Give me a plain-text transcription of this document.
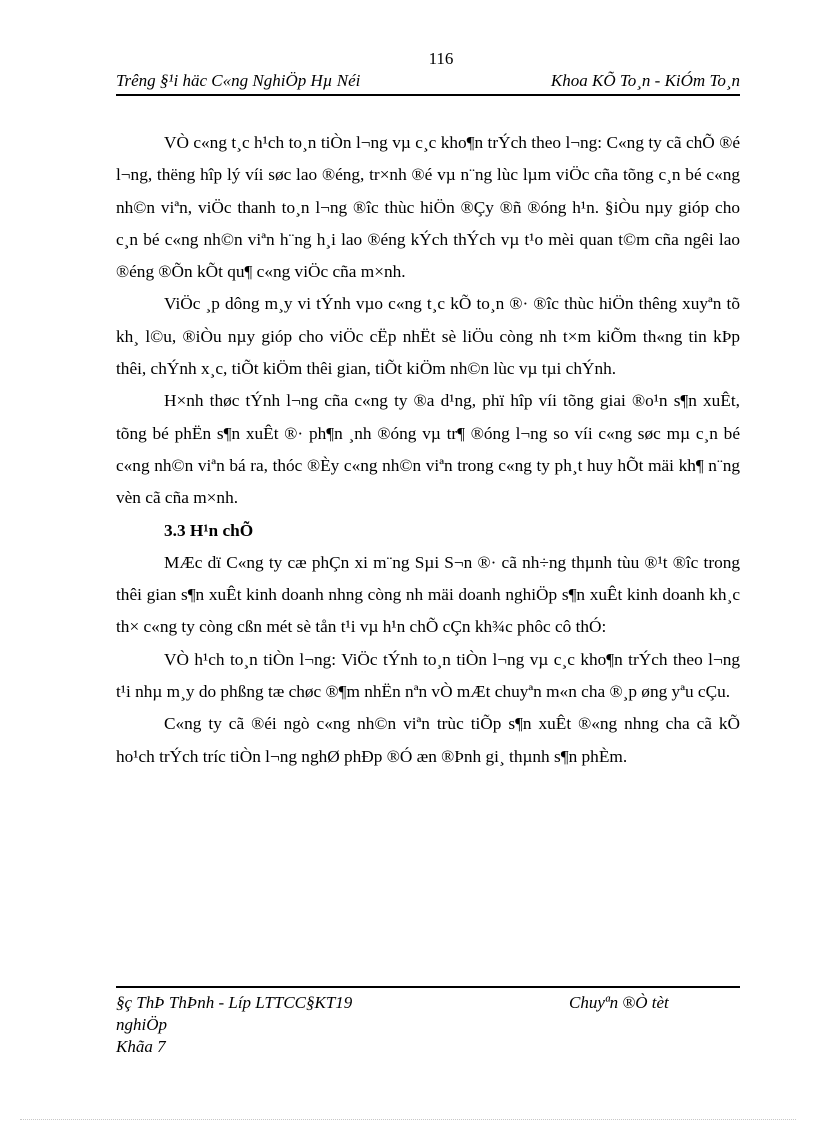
116
Trêng §¹i häc C«ng NghiÖp Hµ Néi	Khoa KÕ To¸n - KiÓm To¸n

VÒ c«ng t¸c h¹ch to¸n tiÒn l¬ng vµ c¸c kho¶n trÝch theo l¬ng: C«ng ty cã chÕ ®é l¬ng, thëng hîp lý víi søc lao ®éng, tr×nh ®é vµ n¨ng lùc lµm viÖc cña tõng c¸n bé c«ng nh©n viªn, viÖc thanh to¸n l¬ng ®îc thùc hiÖn ®Çy ®ñ ®óng h¹n. §iÒu nµy gióp cho c¸n bé c«ng nh©n viªn h¨ng h¸i lao ®éng kÝch thÝch vµ t¹o mèi quan t©m cña ngêi lao ®éng ®Õn kÕt qu¶ c«ng viÖc cña m×nh.

ViÖc ¸p dông m¸y vi tÝnh vµo c«ng t¸c kÕ to¸n ®· ®îc thùc hiÖn thêng xuyªn tõ kh¸ l©u, ®iÒu nµy gióp cho viÖc cËp nhËt sè liÖu còng nh t×m kiÕm th«ng tin kÞp thêi, chÝnh x¸c, tiÕt kiÖm thêi gian, tiÕt kiÖm nh©n lùc vµ tµi chÝnh.

H×nh thøc tÝnh l¬ng cña c«ng ty ®a d¹ng, phï hîp víi tõng giai ®o¹n s¶n xuÊt, tõng bé phËn s¶n xuÊt ®· ph¶n ¸nh ®óng vµ tr¶ ®óng l¬ng so víi c«ng søc mµ c¸n bé c«ng nh©n viªn bá ra, thóc ®Èy c«ng nh©n viªn trong c«ng ty ph¸t huy hÕt mäi kh¶ n¨ng vèn cã cña m×nh.

3.3 H¹n chÕ

MÆc dï C«ng ty cæ phÇn xi m¨ng Sµi S¬n ®· cã nh÷ng thµnh tùu ®¹t ®îc trong thêi gian s¶n xuÊt kinh doanh nhng còng nh mäi doanh nghiÖp s¶n xuÊt kinh doanh kh¸c th× c«ng ty còng cßn mét sè tån t¹i vµ h¹n chÕ cÇn kh¾c phôc cô thÓ:

VÒ h¹ch to¸n tiÒn l¬ng: ViÖc tÝnh to¸n tiÒn l¬ng vµ c¸c kho¶n trÝch theo l¬ng t¹i nhµ m¸y do phßng tæ chøc ®¶m nhËn nªn vÒ mÆt chuyªn m«n cha ®¸p øng yªu cÇu.

C«ng ty cã ®éi ngò c«ng nh©n viªn trùc tiÕp s¶n xuÊt ®«ng nhng cha cã kÕ ho¹ch trÝch tríc tiÒn l¬ng nghØ phÐp ®Ó æn ®Þnh gi¸ thµnh s¶n phÈm.

§ç ThÞ ThÞnh - Líp LTTCC§KT19
nghiÖp
Khãa 7
Chuyªn ®Ò tèt
